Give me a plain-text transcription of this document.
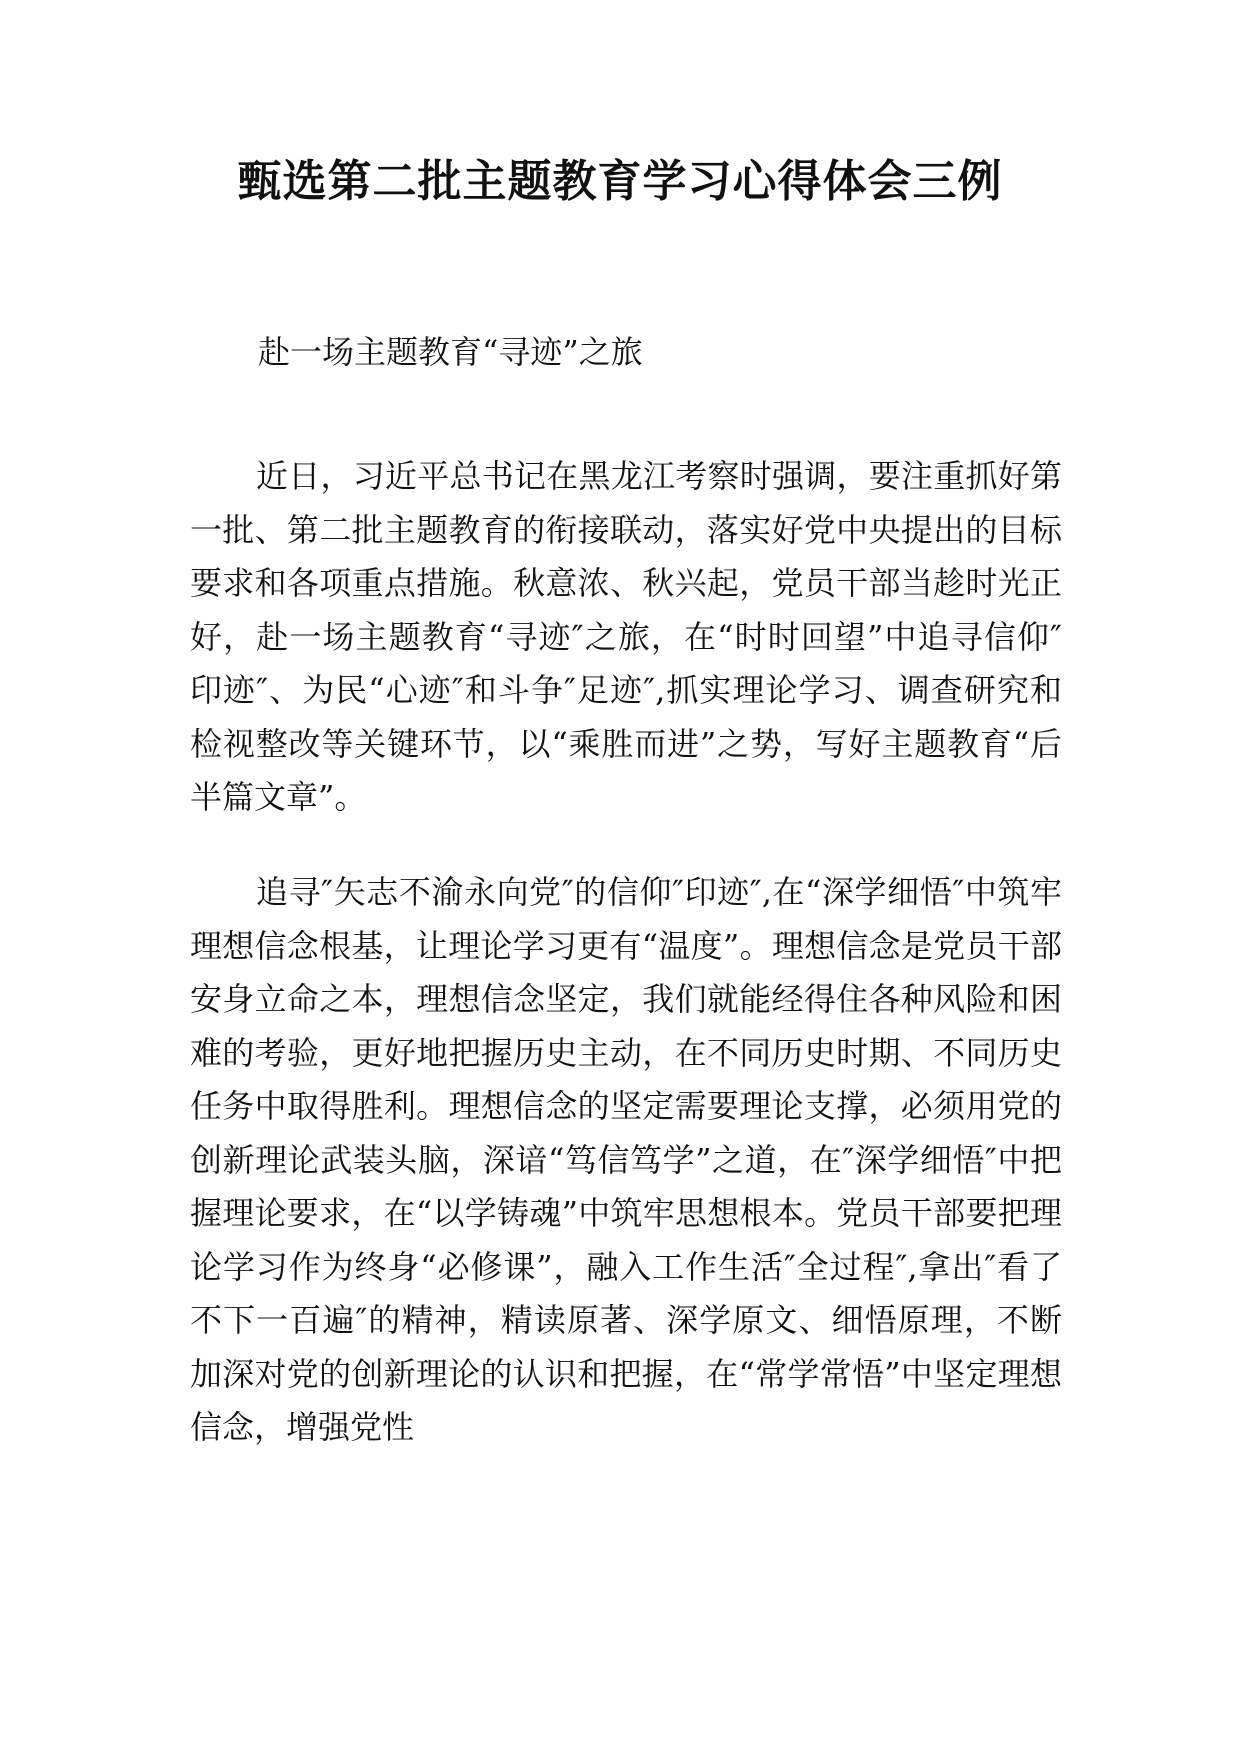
甄选第二批主题教育学习心得体会三例

赴一场主题教育“寻迹”之旅

近日，习近平总书记在黑龙江考察时强调，要注重抓好第一批、第二批主题教育的衔接联动，落实好党中央提出的目标要求和各项重点措施。秋意浓、秋兴起，党员干部当趁时光正好，赴一场主题教育“寻迹″之旅，在“时时回望”中追寻信仰″印迹″、为民“心迹″和斗争″足迹″,抓实理论学习、调查研究和检视整改等关键环节，以“乘胜而进”之势，写好主题教育“后半篇文章”。

追寻″矢志不渝永向党″的信仰″印迹″,在“深学细悟″中筑牢理想信念根基，让理论学习更有“温度”。理想信念是党员干部安身立命之本，理想信念坚定，我们就能经得住各种风险和困难的考验，更好地把握历史主动，在不同历史时期、不同历史任务中取得胜利。理想信念的坚定需要理论支撑，必须用党的创新理论武装头脑，深谙“笃信笃学”之道，在″深学细悟″中把握理论要求，在“以学铸魂”中筑牢思想根本。党员干部要把理论学习作为终身“必修课”，融入工作生活″全过程″,拿出″看了不下一百遍″的精神，精读原著、深学原文、细悟原理，不断加深对党的创新理论的认识和把握，在“常学常悟”中坚定理想信念，增强党性
